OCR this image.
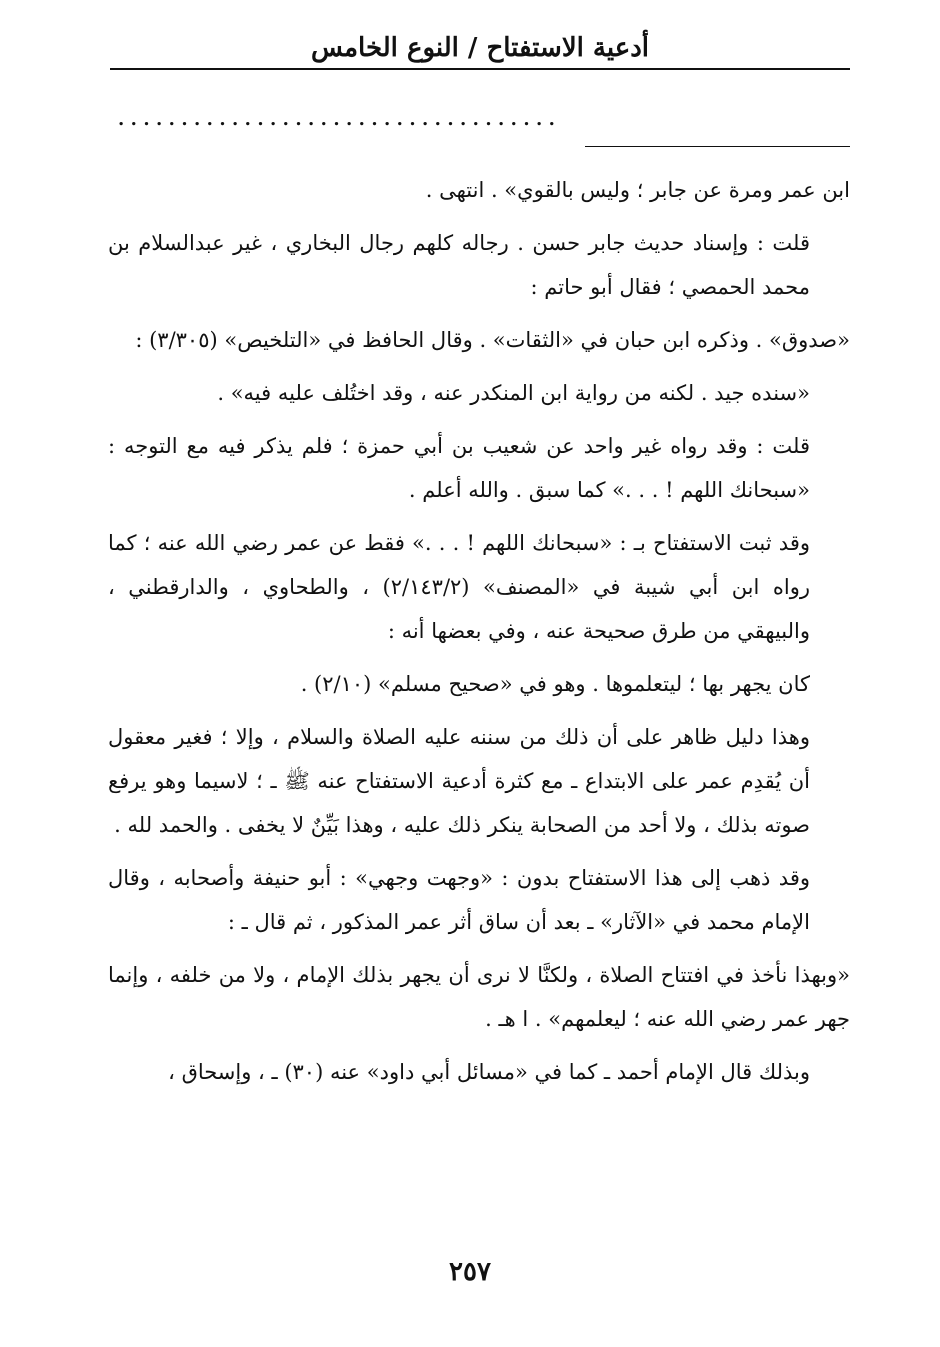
أدعية الاستفتاح / النوع الخامس
...................................

ابن عمر ومرة عن جابر ؛ وليس بالقوي» . انتهى .

قلت : وإسناد حديث جابر حسن . رجاله كلهم رجال البخاري ، غير عبدالسلام بن محمد الحمصي ؛ فقال أبو حاتم :

«صدوق» . وذكره ابن حبان في «الثقات» . وقال الحافظ في «التلخيص» (٣/٣٠٥) :

«سنده جيد . لكنه من رواية ابن المنكدر عنه ، وقد اختُلف عليه فيه» .

قلت : وقد رواه غير واحد عن شعيب بن أبي حمزة ؛ فلم يذكر فيه مع التوجه : «سبحانك اللهم ! . . .» كما سبق . والله أعلم .

وقد ثبت الاستفتاح بـ : «سبحانك اللهم ! . . .» فقط عن عمر رضي الله عنه ؛ كما رواه ابن أبي شيبة في «المصنف» (٢/١٤٣/٢) ، والطحاوي ، والدارقطني ، والبيهقي من طرق صحيحة عنه ، وفي بعضها أنه :

كان يجهر بها ؛ ليتعلموها . وهو في «صحيح مسلم» (٢/١٠) .

وهذا دليل ظاهر على أن ذلك من سننه عليه الصلاة والسلام ، وإلا ؛ فغير معقول أن يُقدِم عمر على الابتداع ـ مع كثرة أدعية الاستفتاح عنه ﷺ ـ ؛ لاسيما وهو يرفع صوته بذلك ، ولا أحد من الصحابة ينكر ذلك عليه ، وهذا بَيِّنٌ لا يخفى . والحمد لله .

وقد ذهب إلى هذا الاستفتاح بدون : «وجهت وجهي» : أبو حنيفة وأصحابه ، وقال الإمام محمد في «الآثار» ـ بعد أن ساق أثر عمر المذكور ، ثم قال ـ :

«وبهذا نأخذ في افتتاح الصلاة ، ولكنَّا لا نرى أن يجهر بذلك الإمام ، ولا من خلفه ، وإنما جهر عمر رضي الله عنه ؛ ليعلمهم» . ا هـ .

وبذلك قال الإمام أحمد ـ كما في «مسائل أبي داود» عنه (٣٠) ـ ، وإسحاق ،

٢٥٧
